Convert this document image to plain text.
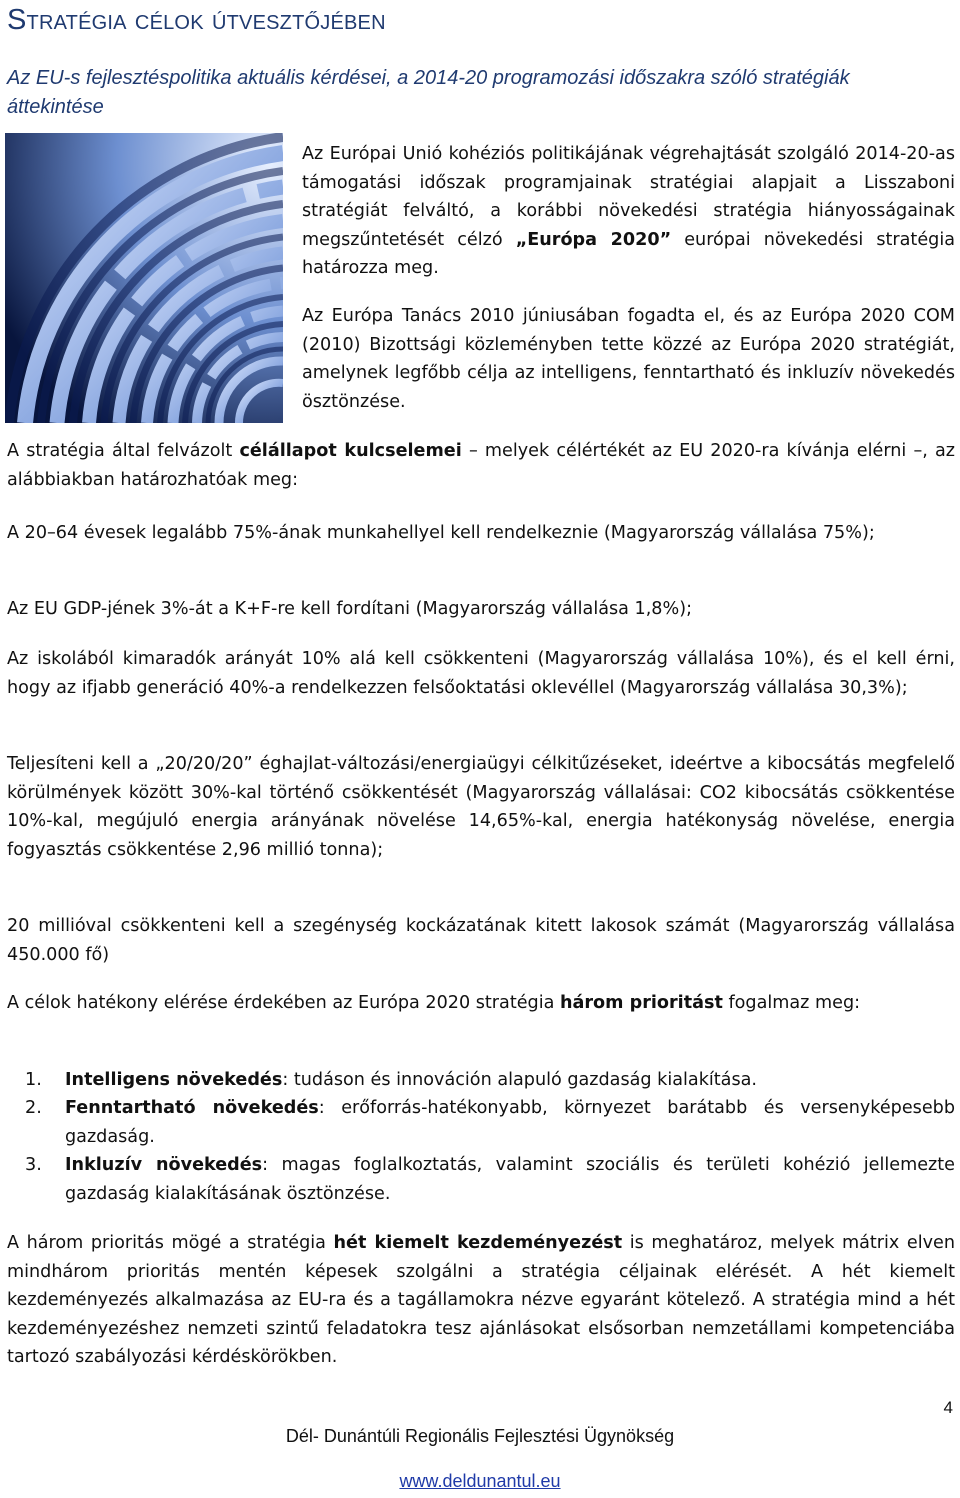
Stratégia célok útvesztőjében

Az EU-s fejlesztéspolitika aktuális kérdései, a 2014-20 programozási időszakra szóló stratégiák áttekintése

Az Európai Unió kohéziós politikájának végrehajtását szolgáló 2014-20-as támogatási időszak programjainak stratégiai alapjait a Lisszaboni stratégiát felváltó, a korábbi növekedési stratégia hiányosságainak megszűntetését célzó „Európa 2020” európai növekedési stratégia határozza meg.

Az Európa Tanács 2010 júniusában fogadta el, és az Európa 2020 COM (2010) Bizottsági közleményben tette közzé az Európa 2020 stratégiát, amelynek legfőbb célja az intelligens, fenntartható és inkluzív növekedés ösztönzése.

A stratégia által felvázolt célállapot kulcselemei – melyek célértékét az EU 2020-ra kívánja elérni –, az alábbiakban határozhatóak meg:

A 20–64 évesek legalább 75%-ának munkahellyel kell rendelkeznie (Magyarország vállalása 75%);

Az EU GDP-jének 3%-át a K+F-re kell fordítani (Magyarország vállalása 1,8%);

Az iskolából kimaradók arányát 10% alá kell csökkenteni (Magyarország vállalása 10%), és el kell érni, hogy az ifjabb generáció 40%-a rendelkezzen felsőoktatási oklevéllel (Magyarország vállalása 30,3%);

Teljesíteni kell a „20/20/20” éghajlat-változási/energiaügyi célkitűzéseket, ideértve a kibocsátás megfelelő körülmények között 30%-kal történő csökkentését (Magyarország vállalásai: CO2 kibocsátás csökkentése 10%-kal, megújuló energia arányának növelése 14,65%-kal, energia hatékonyság növelése, energia fogyasztás csökkentése 2,96 millió tonna);

20 millióval csökkenteni kell a szegénység kockázatának kitett lakosok számát (Magyarország vállalása 450.000 fő)

A célok hatékony elérése érdekében az Európa 2020 stratégia három prioritást fogalmaz meg:

1. Intelligens növekedés: tudáson és innováción alapuló gazdaság kialakítása.
2. Fenntartható növekedés: erőforrás-hatékonyabb, környezet barátabb és versenyképesebb gazdaság.
3. Inkluzív növekedés: magas foglalkoztatás, valamint szociális és területi kohézió jellemezte gazdaság kialakításának ösztönzése.

A három prioritás mögé a stratégia hét kiemelt kezdeményezést is meghatároz, melyek mátrix elven mindhárom prioritás mentén képesek szolgálni a stratégia céljainak elérését. A hét kiemelt kezdeményezés alkalmazása az EU-ra és a tagállamokra nézve egyaránt kötelező. A stratégia mind a hét kezdeményezéshez nemzeti szintű feladatokra tesz ajánlásokat elsősorban nemzetállami kompetenciába tartozó szabályozási kérdéskörökben.

4
Dél- Dunántúli Regionális Fejlesztési Ügynökség
www.deldunantul.eu
